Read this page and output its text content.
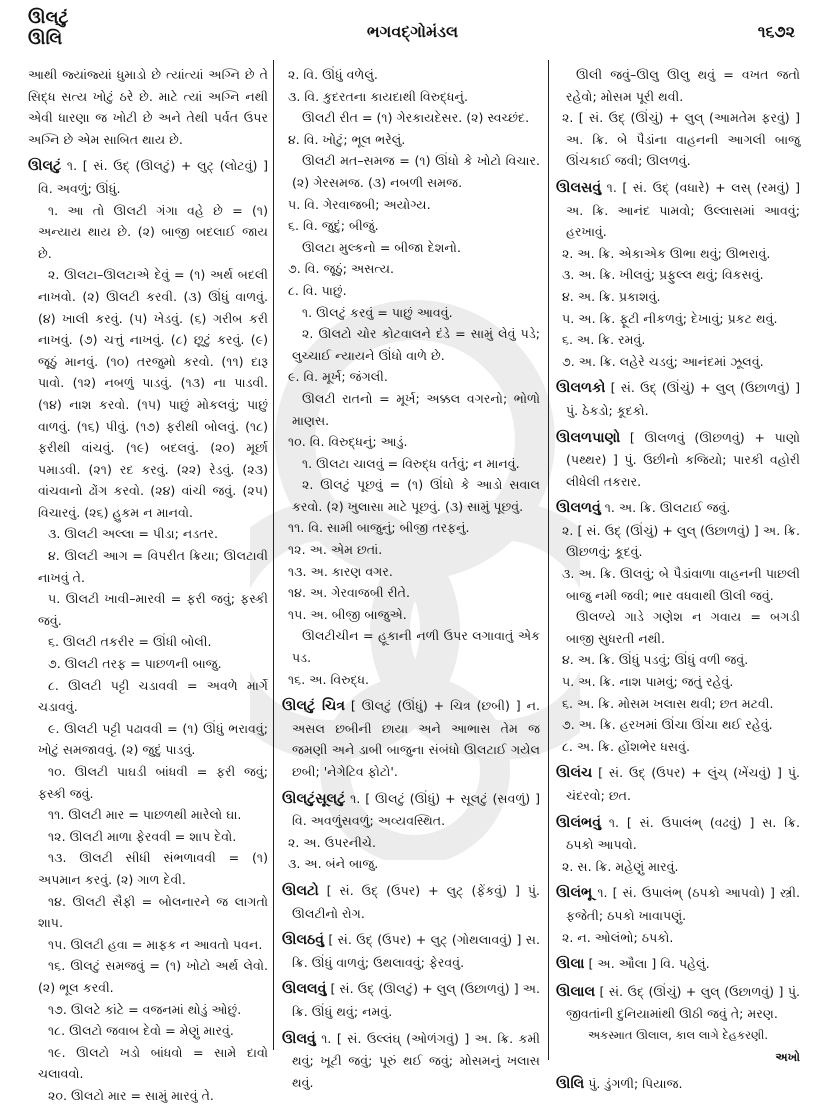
ઊલટું
ઊલિ	ભગવદ્ગોમંડલ	૧૬૭૨

આથી જ્યાંજ્યાં ધુમાડો છે ત્યાંત્યાં અગ્નિ છે તે સિદ્ધ સત્ય ખોટું ઠરે છે. માટે ત્યાં અગ્નિ નથી એવી ધારણા જ ખોટી છે અને તેથી પર્વત ઉપર અગ્નિ છે એમ સાબિત થાય છે.

ઊલટું ૧. [ સં. ઉદ્ (ઊલટું) + લુટ્ (લોટવું) ] વિ. અવળું; ઊંધું.

૧. આ તો ઊલટી ગંગા વહે છે = (૧) અન્યાય થાય છે. (૨) બાજી બદલાઈ જાય છે.

૨. ઊલટા–ઊલટાએ દેવું = (૧) અર્થ બદલી નાખવો. (૨) ઊલટી કરવી. (૩) ઊંધું વાળવું. (૪) ખાલી કરવું. (૫) ખેડવું. (૬) ગરીબ કરી નાખવું. (૭) ચત્તું નાખવું. (૮) છૂટું કરવું. (૯) જૂઠું માનવું. (૧૦) તરજુમો કરવો. (૧૧) દારૂ પાવો. (૧૨) નબળું પાડવું. (૧૩) ના પાડવી. (૧૪) નાશ કરવો. (૧૫) પાછું મોકલવું; પાછું વાળવું. (૧૬) પીવું. (૧૭) ફરીથી બોલવું. (૧૮) ફરીથી વાંચવું. (૧૯) બદલવું. (૨૦) મૂર્છા પમાડવી. (૨૧) રદ કરવું. (૨૨) રેડવું. (૨૩) વાંચવાનો ઢોંગ કરવો. (૨૪) વાંચી જવું. (૨૫) વિચારવું. (૨૬) હુકમ ન માનવો.

૩. ઊલટી અલ્લા = પીડા; નડતર.

૪. ઊલટી આગ = વિપરીત ક્રિયા; ઊલટાવી નાખવું તે.

૫. ઊલટી ખાવી–મારવી = ફરી જવું; ફસ્કી જવું.

૬. ઊલટી તકરીર = ઊંધી બોલી.

૭. ઊલટી તરફ = પાછળની બાજુ.

૮. ઊલટી પટ્ટી ચડાવવી = અવળે માર્ગે ચડાવવું.

૯. ઊલટી પટ્ટી પઢાવવી = (૧) ઊંધું ભરાવવું; ખોટું સમજાવવું. (૨) જુદું પાડવું.

૧૦. ઊલટી પાઘડી બાંધવી = ફરી જવું; ફસ્કી જવું.

૧૧. ઊલટી માર = પાછળથી મારેલો ઘા.

૧૨. ઊલટી માળા ફેરવવી = શાપ દેવો.

૧૩. ઊલટી સીધી સંભળાવવી = (૧) અપમાન કરવું. (૨) ગાળ દેવી.

૧૪. ઊલટી સૈફી = બોલનારને જ લાગતો શાપ.

૧૫. ઊલટી હવા = માફક ન આવતો પવન.

૧૬. ઊલટું સમજવું = (૧) ખોટો અર્થ લેવો. (૨) ભૂલ કરવી.

૧૭. ઊલટે કાંટે = વજનમાં થોડું ઓછું.

૧૮. ઊલટો જવાબ દેવો = મેણું મારવું.

૧૯. ઊલટો ખડો બાંધવો = સામે દાવો ચલાવવો.

૨૦. ઊલટો માર = સામું મારવું તે.

૨. વિ. ઊંધું વળેલું.

૩. વિ. કુદરતના કાયદાથી વિરુદ્ધનું.

ઊલટી રીત = (૧) ગેરકાયદેસર. (૨) સ્વચ્છંદ.

૪. વિ. ખોટું; ભૂલ ભરેલું.

ઊલટી મત–સમજ = (૧) ઊંધો કે ખોટો વિચાર. (૨) ગેરસમજ. (૩) નબળી સમજ.

૫. વિ. ગેરવાજબી; અયોગ્ય.

૬. વિ. જુદું; બીજું.

ઊલટા મુલ્કનો = બીજા દેશનો.

૭. વિ. જૂઠું; અસત્ય.

૮. વિ. પાછું.

૧. ઊલટું કરવું = પાછું આવવું.

૨. ઊલટો ચોર કોટવાલને દંડે = સામું લેવું પડે; લુચ્ચાઈ ન્યાયને ઊંધો વાળે છે.

૯. વિ. મૂર્ખ; જંગલી.

ઊલટી રાતનો = મૂર્ખ; અક્કલ વગરનો; ભોળો માણસ.

૧૦. વિ. વિરુદ્ધનું; આડું.

૧. ઊલટા ચાલવું = વિરુદ્ધ વર્તવું; ન માનવું.

૨. ઊલટું પૂછવું = (૧) ઊંધો કે આડો સવાલ કરવો. (૨) ખુલાસા માટે પૂછવું. (૩) સામું પૂછવું.

૧૧. વિ. સામી બાજુનું; બીજી તરફનું.

૧૨. અ. એમ છતાં.

૧૩. અ. કારણ વગર.

૧૪. અ. ગેરવાજબી રીતે.

૧૫. અ. બીજી બાજુએ.

ઊલટીચીન = હૂકાની નળી ઉપર લગાવાતું એક પડ.

૧૬. અ. વિરુદ્ધ.

ઊલટું ચિત્ર [ ઊલટું (ઊંધું) + ચિત્ર (છબી) ] ન. અસલ છબીની છાયા અને આભાસ તેમ જ જમણી અને ડાબી બાજુના સંબંધો ઊલટાઈ ગયેલ છબી; 'નેગેટિવ ફોટો'.

ઊલટુંસૂલટું ૧. [ ઊલટું (ઊંધું) + સૂલટું (સવળું) ] વિ. અવળુંસવળું; અવ્યવસ્થિત.

૨. અ. ઉપરનીચે.

૩. અ. બંને બાજુ.

ઊલટો [ સં. ઉદ્ (ઉપર) + લુટ્ (ફેંકવું) ] પું. ઊલટીનો રોગ.

ઊલઠવું [ સં. ઉદ્ (ઉપર) + લુટ્ (ગોથલાવવું) ] સ. ક્રિ. ઊંધું વાળવું; ઉથલાવવું; ફેરવવું.

ઊલલવું [ સં. ઉદ્ (ઊલટું) + લુલ્ (ઉછાળવું) ] અ. ક્રિ. ઊંધું થવું; નમવું.

ઊલવું ૧. [ સં. ઉલ્લંઘ્ (ઓળંગવું) ] અ. ક્રિ. કમી થવું; ખૂટી જવું; પૂરું થઈ જવું; મોસમનું ખલાસ થવું.

ઊલી જવું–ઊલુ ઊલુ થવું = વખત જતો રહેવો; મોસમ પૂરી થવી.

૨. [ સં. ઉદ્ (ઊંચું) + લુલ્ (આમતેમ ફરવું) ] અ. ક્રિ. બે પૈડાંના વાહનની આગલી બાજુ ઊંચકાઈ જવી; ઊલળવું.

ઊલસવું ૧. [ સં. ઉદ્ (વધારે) + લસ્ (રમવું) ] અ. ક્રિ. આનંદ પામવો; ઉલ્લાસમાં આવવું; હરખાવું.

૨. અ. ક્રિ. એકાએક ઊભા થવું; ઊભરાવું.

૩. અ. ક્રિ. ખીલવું; પ્રફુલ્લ થવું; વિકસવું.

૪. અ. ક્રિ. પ્રકાશવું.

૫. અ. ક્રિ. ફૂટી નીકળવું; દેખાવું; પ્રકટ થવું.

૬. અ. ક્રિ. રમવું.

૭. અ. ક્રિ. લહેરે ચડવું; આનંદમાં ઝૂલવું.

ઊલળકો [ સં. ઉદ્ (ઊંચું) + લુલ્ (ઉછાળવું) ] પું. ઠેકડો; કૂદકો.

ઊલળપાણો [ ઊલળવું (ઊછળવું) + પાણો (પથ્થર) ] પું. ઉછીનો કજિયો; પારકી વહોરી લીધેલી તકરાર.

ઊલળવું ૧. અ. ક્રિ. ઊલટાઈ જવું.

૨. [ સં. ઉદ્ (ઊંચું) + લુલ્ (ઉછાળવું) ] અ. ક્રિ. ઊછળવું; કૂદવું.

૩. અ. ક્રિ. ઊલવું; બે પૈડાંવાળા વાહનની પાછલી બાજુ નમી જવી; ભાર વધવાથી ઊલી જવું.

ઊલળ્યે ગાડે ગણેશ ન ગવાય = બગડી બાજી સુધરતી નથી.

૪. અ. ક્રિ. ઊંધું પડવું; ઊંધું વળી જવું.

૫. અ. ક્રિ. નાશ પામવું; જતું રહેવું.

૬. અ. ક્રિ. મોસમ ખલાસ થવી; છત મટવી.

૭. અ. ક્રિ. હરખમાં ઊંચા ઊંચા થઈ રહેવું.

૮. અ. ક્રિ. હોંશભેર ધસવું.

ઊલંચ [ સં. ઉદ્ (ઉપર) + લુંચ્ (ખેંચવું) ] પું. ચંદરવો; છત.

ઊલંભવું ૧. [ સં. ઉપાલંભ્ (વઢવું) ] સ. ક્રિ. ઠપકો આપવો.

૨. સ. ક્રિ. મહેણું મારવું.

ઊલંભૂ ૧. [ સં. ઉપાલંભ્ (ઠપકો આપવો) ] સ્ત્રી. ફજેતી; ઠપકો ખાવાપણું.

૨. ન. ઓલંભો; ઠપકો.

ઊલા [ અ. ઔલા ] વિ. પહેલું.

ઊલાલ [ સં. ઉદ્ (ઊંચું) + લુલ્ (ઉછાળવું) ] પું. જીવતાંની દુનિયામાંથી ઊઠી જવું તે; મરણ.

અકસ્માત ઊલાલ, કાલ લાગે દેહકરણી.

અખો

ઊલિ પું. ડુંગળી; પિયાજ.
